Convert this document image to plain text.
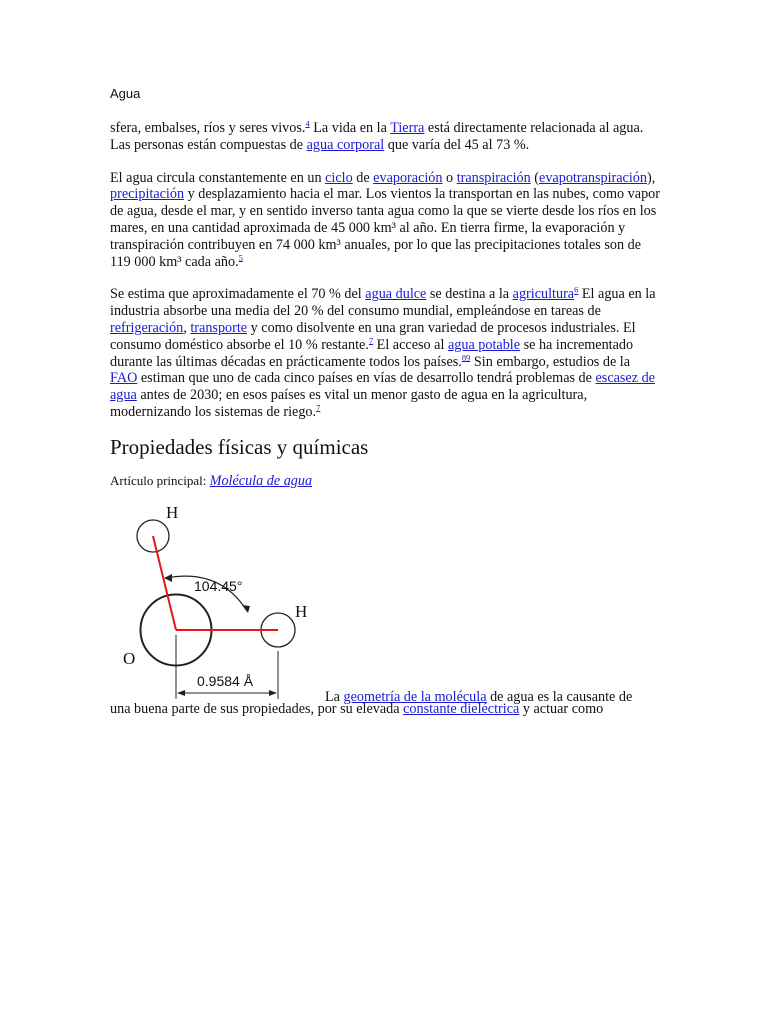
Agua

sfera, embalses, ríos y seres vivos.$^4$ La vida en la Tierra está directamente relacionada al agua. Las personas están compuestas de agua corporal que varía del 45 al 73 %.

El agua circula constantemente en un ciclo de evaporación o transpiración (evapotranspiración), precipitación y desplazamiento hacia el mar. Los vientos la transportan en las nubes, como vapor de agua, desde el mar, y en sentido inverso tanta agua como la que se vierte desde los ríos en los mares, en una cantidad aproximada de 45 000 km³ al año. En tierra firme, la evaporación y transpiración contribuyen en 74 000 km³ anuales, por lo que las precipitaciones totales son de 119 000 km³ cada año.$^5$

Se estima que aproximadamente el 70 % del agua dulce se destina a la agricultura$^6$ El agua en la industria absorbe una media del 20 % del consumo mundial, empleándose en tareas de refrigeración, transporte y como disolvente en una gran variedad de procesos industriales. El consumo doméstico absorbe el 10 % restante.$^7$ El acceso al agua potable se ha incrementado durante las últimas décadas en prácticamente todos los países.$^{89}$ Sin embargo, estudios de la FAO estiman que uno de cada cinco países en vías de desarrollo tendrá problemas de escasez de agua antes de 2030; en esos países es vital un menor gasto de agua en la agricultura, modernizando los sistemas de riego.$^7$

Propiedades físicas y químicas

Artículo principal: Molécula de agua

H
104.45°
H
O
0.9584 Å

La geometría de la molécula de agua es la causante de

una buena parte de sus propiedades, por su elevada constante dieléctrica y actuar como
